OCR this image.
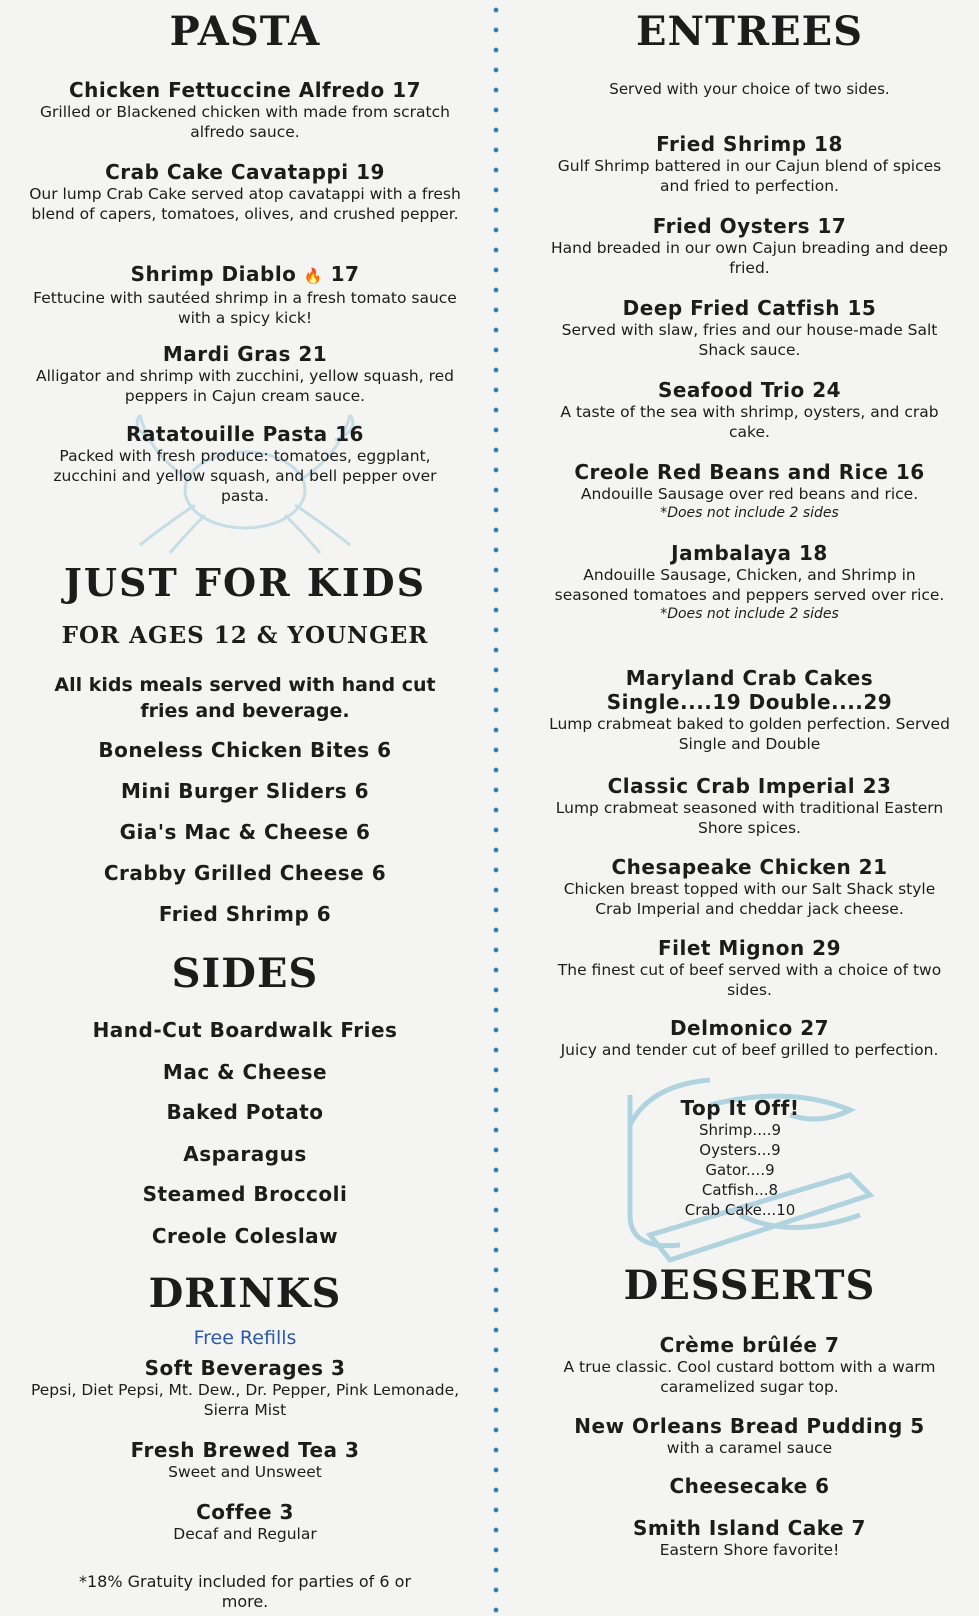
PASTA
Chicken Fettuccine Alfredo 17
Grilled or Blackened chicken with made from scratch alfredo sauce.
Crab Cake Cavatappi 19
Our lump Crab Cake served atop cavatappi with a fresh blend of capers, tomatoes, olives, and crushed pepper.
Shrimp Diablo 🔥 17
Fettucine with sautéed shrimp in a fresh tomato sauce with a spicy kick!
Mardi Gras 21
Alligator and shrimp with zucchini, yellow squash, red peppers in Cajun cream sauce.
Ratatouille Pasta 16
Packed with fresh produce: tomatoes, eggplant, zucchini and yellow squash, and bell pepper over pasta.
JUST FOR KIDS
FOR AGES 12 & YOUNGER
All kids meals served with hand cut fries and beverage.
Boneless Chicken Bites 6
Mini Burger Sliders 6
Gia's Mac & Cheese 6
Crabby Grilled Cheese 6
Fried Shrimp 6
SIDES
Hand-Cut Boardwalk Fries
Mac & Cheese
Baked Potato
Asparagus
Steamed Broccoli
Creole Coleslaw
DRINKS
Free Refills
Soft Beverages 3
Pepsi, Diet Pepsi, Mt. Dew., Dr. Pepper, Pink Lemonade, Sierra Mist
Fresh Brewed Tea 3
Sweet and Unsweet
Coffee 3
Decaf and Regular
*18% Gratuity included for parties of 6 or more.
ENTREES
Served with your choice of two sides.
Fried Shrimp 18
Gulf Shrimp battered in our Cajun blend of spices and fried to perfection.
Fried Oysters 17
Hand breaded in our own Cajun breading and deep fried.
Deep Fried Catfish 15
Served with slaw, fries and our house-made Salt Shack sauce.
Seafood Trio 24
A taste of the sea with shrimp, oysters, and crab cake.
Creole Red Beans and Rice 16
Andouille Sausage over red beans and rice.
*Does not include 2 sides
Jambalaya 18
Andouille Sausage, Chicken, and Shrimp in seasoned tomatoes and peppers served over rice.
*Does not include 2 sides
Maryland Crab Cakes
Single....19 Double....29
Lump crabmeat baked to golden perfection. Served Single and Double
Classic Crab Imperial 23
Lump crabmeat seasoned with traditional Eastern Shore spices.
Chesapeake Chicken 21
Chicken breast topped with our Salt Shack style Crab Imperial and cheddar jack cheese.
Filet Mignon 29
The finest cut of beef served with a choice of two sides.
Delmonico 27
Juicy and tender cut of beef grilled to perfection.
Top It Off!
Shrimp....9
Oysters...9
Gator....9
Catfish...8
Crab Cake...10
DESSERTS
Crème brûlée 7
A true classic. Cool custard bottom with a warm caramelized sugar top.
New Orleans Bread Pudding 5
with a caramel sauce
Cheesecake 6
Smith Island Cake 7
Eastern Shore favorite!
